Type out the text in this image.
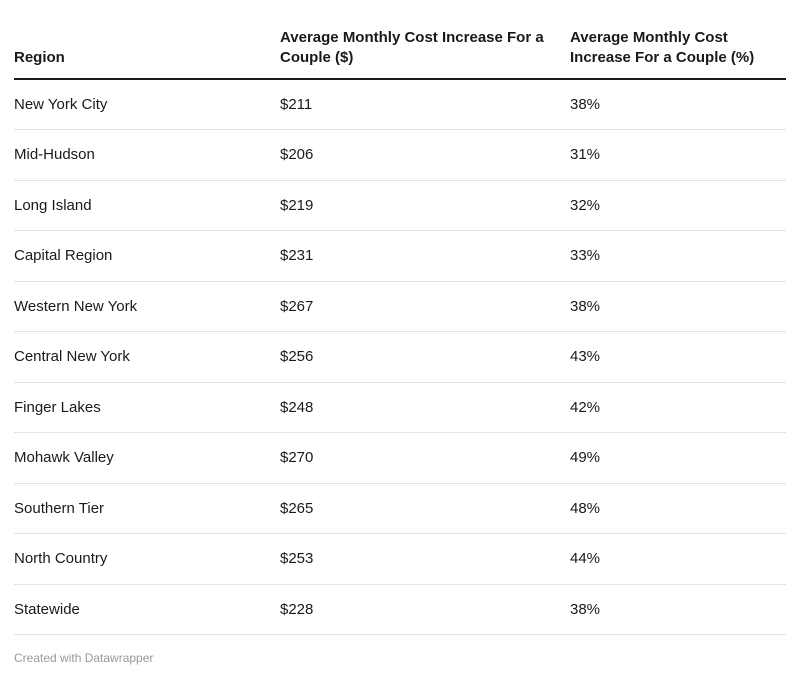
Region	Average Monthly Cost Increase For a Couple ($)	Average Monthly Cost Increase For a Couple (%)
New York City	$211	38%
Mid-Hudson	$206	31%
Long Island	$219	32%
Capital Region	$231	33%
Western New York	$267	38%
Central New York	$256	43%
Finger Lakes	$248	42%
Mohawk Valley	$270	49%
Southern Tier	$265	48%
North Country	$253	44%
Statewide	$228	38%
Created with Datawrapper
